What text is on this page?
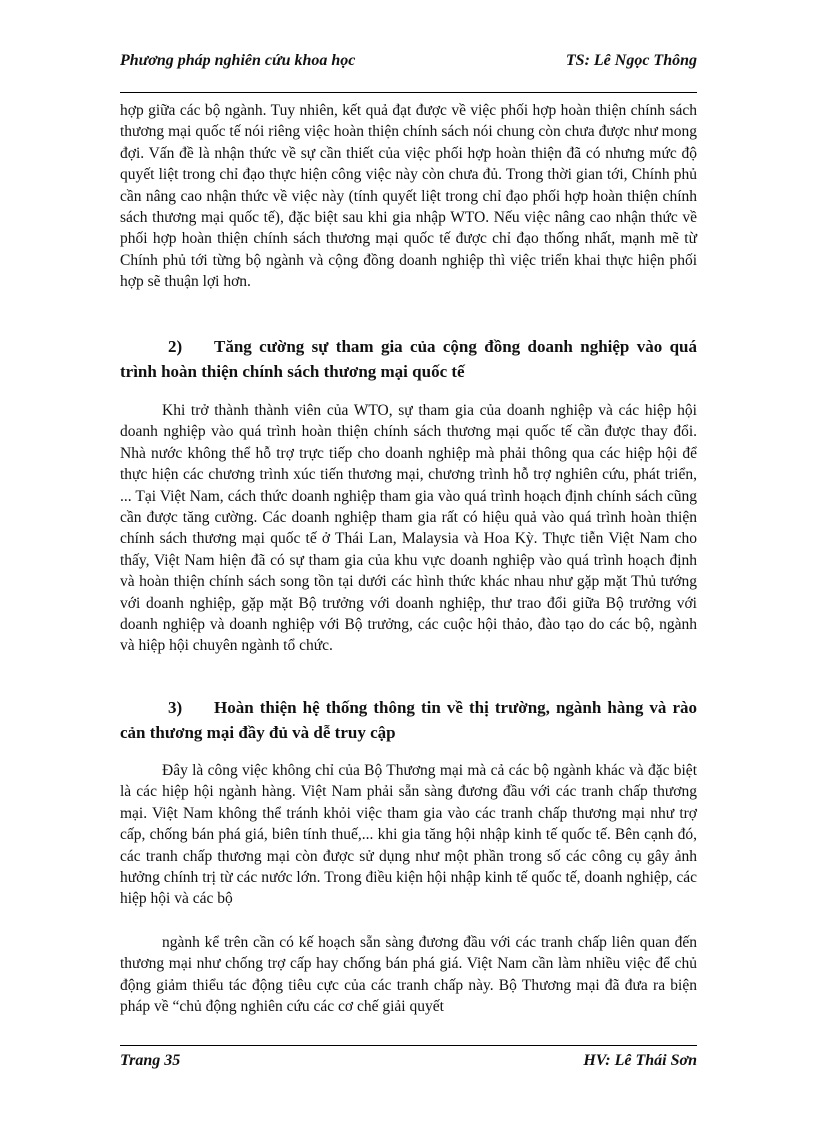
Phương pháp nghiên cứu khoa học	TS: Lê Ngọc Thông

hợp giữa các bộ ngành. Tuy nhiên, kết quả đạt được về việc phối hợp hoàn thiện chính sách thương mại quốc tế nói riêng việc hoàn thiện chính sách nói chung còn chưa được như mong đợi. Vấn đề là nhận thức về sự cần thiết của việc phối hợp hoàn thiện đã có nhưng mức độ quyết liệt trong chỉ đạo thực hiện công việc này còn chưa đủ. Trong thời gian tới, Chính phủ cần nâng cao nhận thức về việc này (tính quyết liệt trong chỉ đạo phối hợp hoàn thiện chính sách thương mại quốc tế), đặc biệt sau khi gia nhập WTO. Nếu việc nâng cao nhận thức về phối hợp hoàn thiện chính sách thương mại quốc tế được chỉ đạo thống nhất, mạnh mẽ từ Chính phủ tới từng bộ ngành và cộng đồng doanh nghiệp thì việc triển khai thực hiện phối hợp sẽ thuận lợi hơn.

2) Tăng cường sự tham gia của cộng đồng doanh nghiệp vào quá trình hoàn thiện chính sách thương mại quốc tế

Khi trở thành thành viên của WTO, sự tham gia của doanh nghiệp và các hiệp hội doanh nghiệp vào quá trình hoàn thiện chính sách thương mại quốc tế cần được thay đổi. Nhà nước không thể hỗ trợ trực tiếp cho doanh nghiệp mà phải thông qua các hiệp hội để thực hiện các chương trình xúc tiến thương mại, chương trình hỗ trợ nghiên cứu, phát triển, ... Tại Việt Nam, cách thức doanh nghiệp tham gia vào quá trình hoạch định chính sách cũng cần được tăng cường. Các doanh nghiệp tham gia rất có hiệu quả vào quá trình hoàn thiện chính sách thương mại quốc tế ở Thái Lan, Malaysia và Hoa Kỳ. Thực tiễn Việt Nam cho thấy, Việt Nam hiện đã có sự tham gia của khu vực doanh nghiệp vào quá trình hoạch định và hoàn thiện chính sách song tồn tại dưới các hình thức khác nhau như gặp mặt Thủ tướng với doanh nghiệp, gặp mặt Bộ trưởng với doanh nghiệp, thư trao đổi giữa Bộ trưởng với doanh nghiệp và doanh nghiệp với Bộ trưởng, các cuộc hội thảo, đào tạo do các bộ, ngành và hiệp hội chuyên ngành tổ chức.

3) Hoàn thiện hệ thống thông tin về thị trường, ngành hàng và rào cản thương mại đầy đủ và dễ truy cập

Đây là công việc không chỉ của Bộ Thương mại mà cả các bộ ngành khác và đặc biệt là các hiệp hội ngành hàng. Việt Nam phải sẵn sàng đương đầu với các tranh chấp thương mại. Việt Nam không thể tránh khỏi việc tham gia vào các tranh chấp thương mại như trợ cấp, chống bán phá giá, biên tính thuế,... khi gia tăng hội nhập kinh tế quốc tế. Bên cạnh đó, các tranh chấp thương mại còn được sử dụng như một phần trong số các công cụ gây ảnh hưởng chính trị từ các nước lớn. Trong điều kiện hội nhập kinh tế quốc tế, doanh nghiệp, các hiệp hội và các bộ

ngành kể trên cần có kế hoạch sẵn sàng đương đầu với các tranh chấp liên quan đến thương mại như chống trợ cấp hay chống bán phá giá. Việt Nam cần làm nhiều việc để chủ động giảm thiểu tác động tiêu cực của các tranh chấp này. Bộ Thương mại đã đưa ra biện pháp về “chủ động nghiên cứu các cơ chế giải quyết

Trang 35	HV: Lê Thái Sơn
